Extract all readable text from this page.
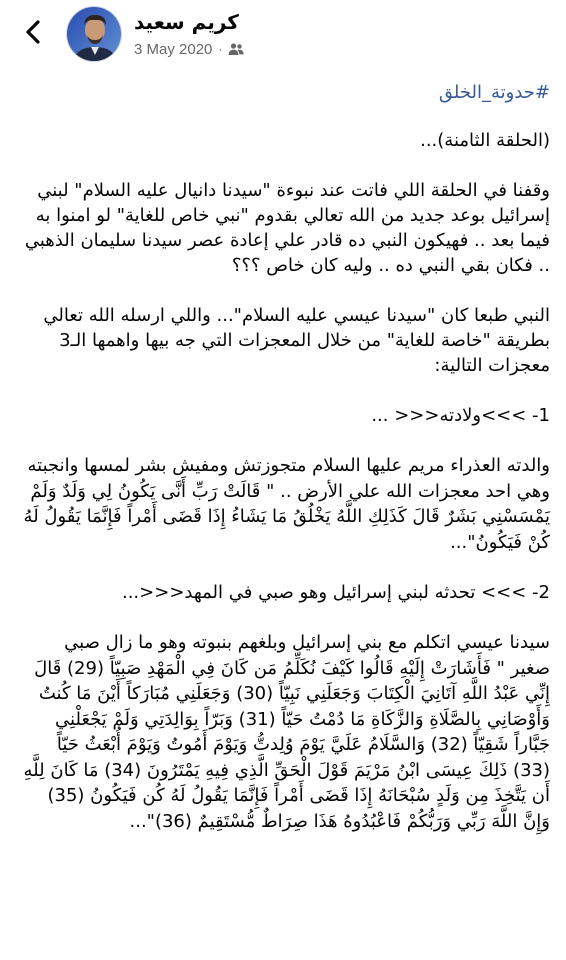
كريم سعيد
3 May 2020 ·
#حدوتة_الخلق
(الحلقة الثامنة)...
وقفنا في الحلقة اللي فاتت عند نبوءة "سيدنا دانيال عليه السلام" لبني إسرائيل بوعد جديد من الله تعالي بقدوم "نبي خاص للغاية" لو امنوا به فيما بعد .. فهيكون النبي ده قادر علي إعادة عصر سيدنا سليمان الذهبي .. فكان بقي النبي ده .. وليه كان خاص ؟؟؟
النبي طبعا كان "سيدنا عيسي عليه السلام"... واللي ارسله الله تعالي بطريقة "خاصة للغاية" من خلال المعجزات التي جه بيها واهمها الـ3 معجزات التالية:
1- >>>ولادته<<< ...
والدته العذراء مريم عليها السلام متجوزتش ومفيش بشر لمسها وانجبته وهي احد معجزات الله علي الأرض .. " قَالَتْ رَبِّ أَنَّى يَكُونُ لِي وَلَدٌ وَلَمْ يَمْسَسْنِي بَشَرٌ قَالَ كَذَلِكِ اللَّهُ يَخْلُقُ مَا يَشَاءُ إِذَا قَضَى أَمْراً فَإِنَّمَا يَقُولُ لَهُ كُنْ فَيَكُونُ"...
2- >>> تحدثه لبني إسرائيل وهو صبي في المهد<<<...
سيدنا عيسي اتكلم مع بني إسرائيل وبلغهم بنبوته وهو ما زال صبي صغير " فَأَشَارَتْ إِلَيْهِ قَالُوا كَيْفَ نُكَلِّمُ مَن كَانَ فِي الْمَهْدِ صَبِيّاً (29) قَالَ إِنِّي عَبْدُ اللَّهِ آتَانِيَ الْكِتَابَ وَجَعَلَنِي نَبِيّاً (30) وَجَعَلَنِي مُبَارَكاً أَيْنَ مَا كُنتُ وَأَوْصَانِي بِالصَّلَاةِ وَالزَّكَاةِ مَا دُمْتُ حَيّاً (31) وَبَرّاً بِوَالِدَتِي وَلَمْ يَجْعَلْنِي جَبَّاراً شَقِيّاً (32) وَالسَّلَامُ عَلَيَّ يَوْمَ وُلِدتُّ وَيَوْمَ أَمُوتُ وَيَوْمَ أُبْعَثُ حَيّاً (33) ذَلِكَ عِيسَى ابْنُ مَرْيَمَ قَوْلَ الْحَقِّ الَّذِي فِيهِ يَمْتَرُونَ (34) مَا كَانَ لِلَّهِ أَن يَتَّخِذَ مِن وَلَدٍ سُبْحَانَهُ إِذَا قَضَى أَمْراً فَإِنَّمَا يَقُولُ لَهُ كُن فَيَكُونُ (35) وَإِنَّ اللَّهَ رَبِّي وَرَبُّكُمْ فَاعْبُدُوهُ هَذَا صِرَاطٌ مُّسْتَقِيمٌ (36)"...
